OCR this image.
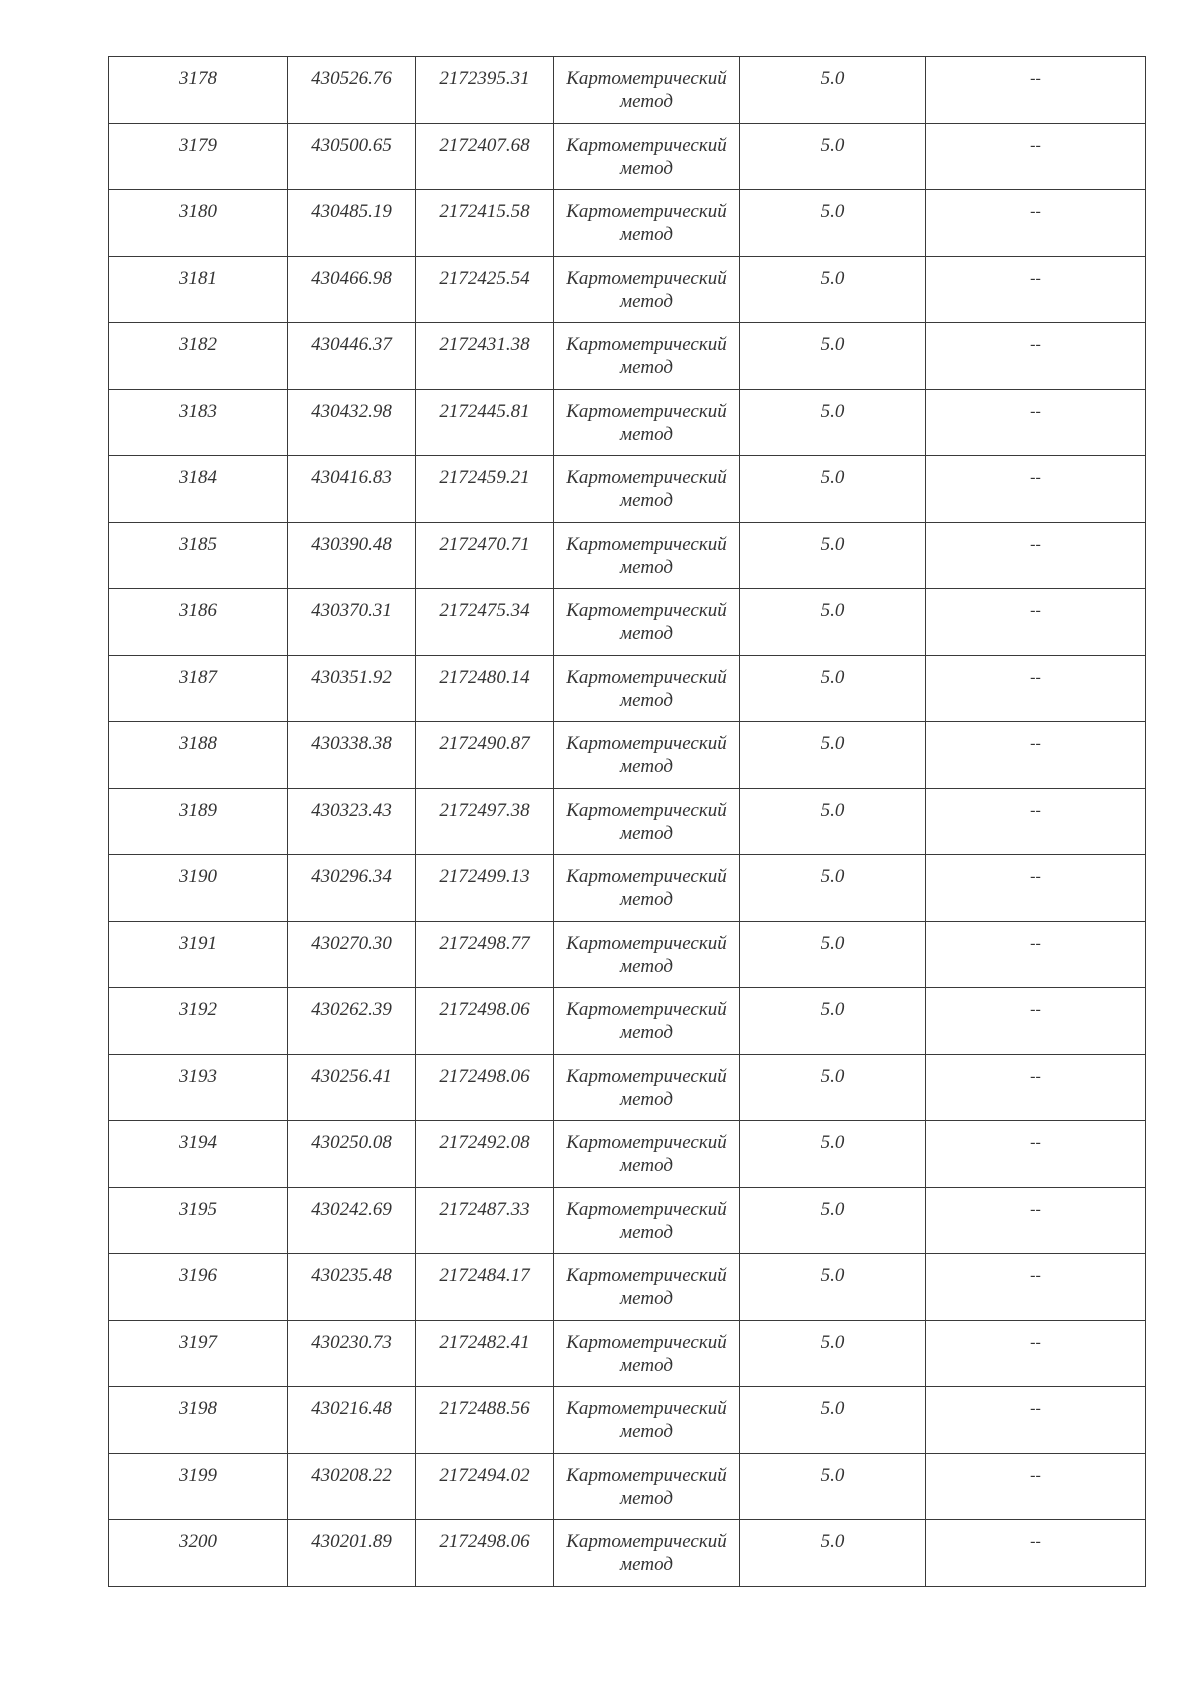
3178	430526.76	2172395.31	Картометрический
метод	5.0	--

3179	430500.65	2172407.68	Картометрический
метод	5.0	--

3180	430485.19	2172415.58	Картометрический
метод	5.0	--

3181	430466.98	2172425.54	Картометрический
метод	5.0	--

3182	430446.37	2172431.38	Картометрический
метод	5.0	--

3183	430432.98	2172445.81	Картометрический
метод	5.0	--

3184	430416.83	2172459.21	Картометрический
метод	5.0	--

3185	430390.48	2172470.71	Картометрический
метод	5.0	--

3186	430370.31	2172475.34	Картометрический
метод	5.0	--

3187	430351.92	2172480.14	Картометрический
метод	5.0	--

3188	430338.38	2172490.87	Картометрический
метод	5.0	--

3189	430323.43	2172497.38	Картометрический
метод	5.0	--

3190	430296.34	2172499.13	Картометрический
метод	5.0	--

3191	430270.30	2172498.77	Картометрический
метод	5.0	--

3192	430262.39	2172498.06	Картометрический
метод	5.0	--

3193	430256.41	2172498.06	Картометрический
метод	5.0	--

3194	430250.08	2172492.08	Картометрический
метод	5.0	--

3195	430242.69	2172487.33	Картометрический
метод	5.0	--

3196	430235.48	2172484.17	Картометрический
метод	5.0	--

3197	430230.73	2172482.41	Картометрический
метод	5.0	--

3198	430216.48	2172488.56	Картометрический
метод	5.0	--

3199	430208.22	2172494.02	Картометрический
метод	5.0	--

3200	430201.89	2172498.06	Картометрический
метод	5.0	--
